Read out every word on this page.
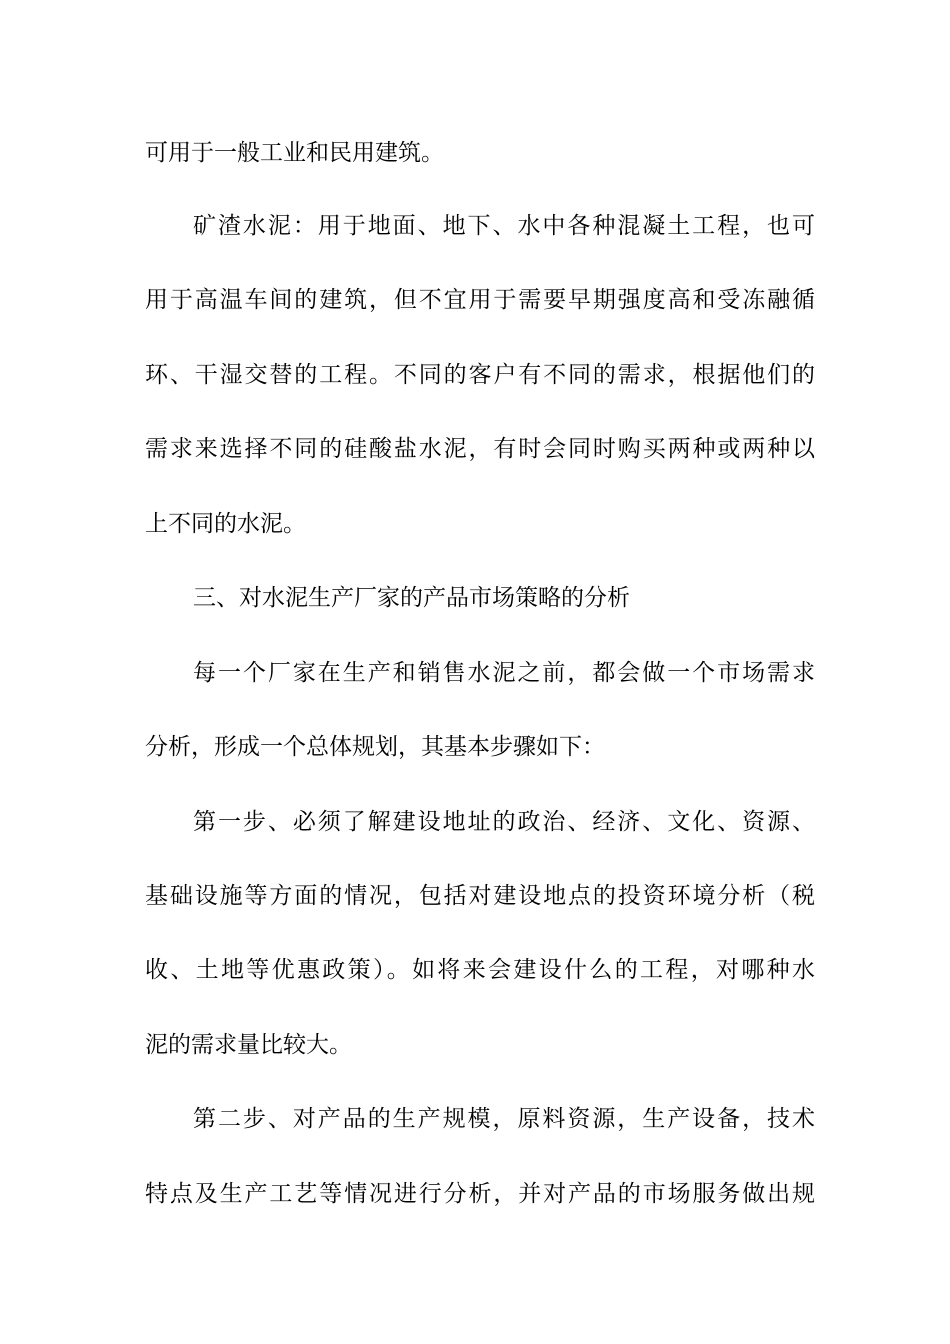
可用于一般工业和民用建筑。
矿渣水泥：用于地面、地下、水中各种混凝土工程，也可
用于高温车间的建筑，但不宜用于需要早期强度高和受冻融循
环、干湿交替的工程。不同的客户有不同的需求，根据他们的
需求来选择不同的硅酸盐水泥，有时会同时购买两种或两种以
上不同的水泥。
三、对水泥生产厂家的产品市场策略的分析
每一个厂家在生产和销售水泥之前，都会做一个市场需求
分析，形成一个总体规划，其基本步骤如下：
第一步、必须了解建设地址的政治、经济、文化、资源、
基础设施等方面的情况，包括对建设地点的投资环境分析（税
收、土地等优惠政策）。如将来会建设什么的工程，对哪种水
泥的需求量比较大。
第二步、对产品的生产规模，原料资源，生产设备，技术
特点及生产工艺等情况进行分析，并对产品的市场服务做出规
